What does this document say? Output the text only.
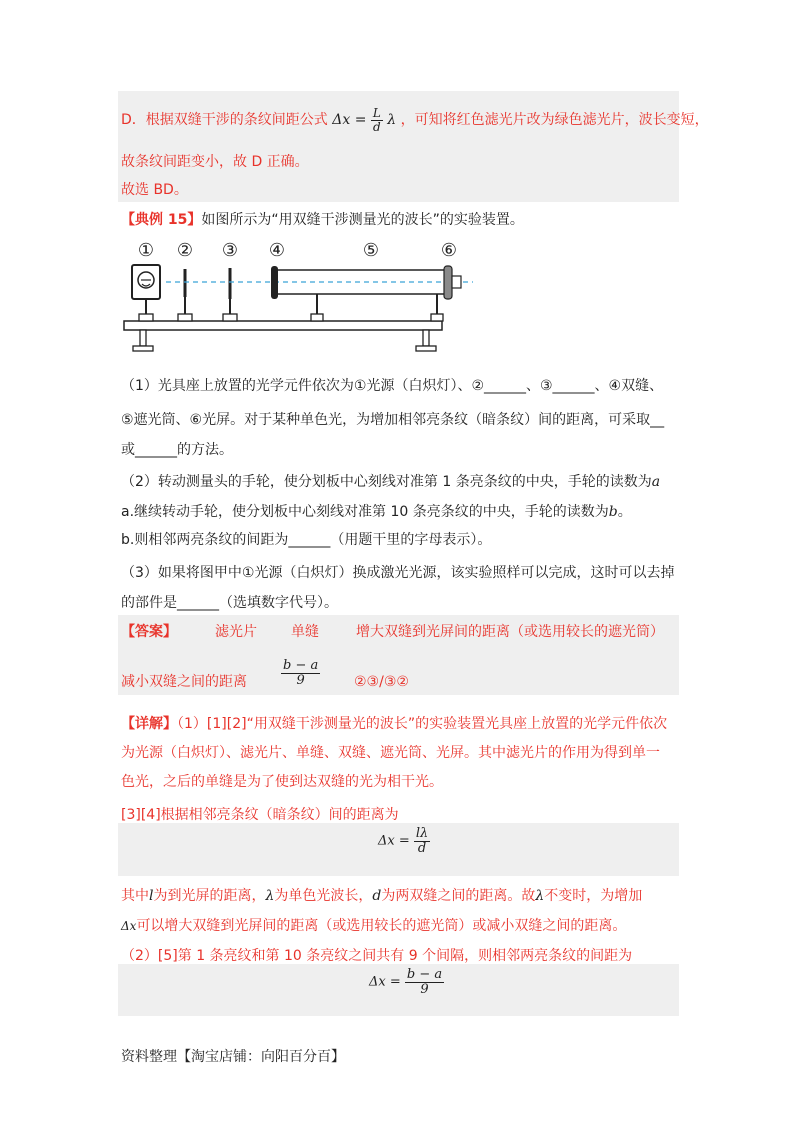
D．根据双缝干涉的条纹间距公式 $\Delta x = \frac{L}{d}$ λ ，可知将红色滤光片改为绿色滤光片，波长变短，
故条纹间距变小，故 D 正确。
故选 BD。
【典例 15】如图所示为“用双缝干涉测量光的波长”的实验装置。
① ② ③ ④	⑤	⑥
（1）光具座上放置的光学元件依次为①光源（白炽灯）、②______、③______、④双缝、
⑤遮光筒、⑥光屏。对于某种单色光，为增加相邻亮条纹（暗条纹）间的距离，可采取__
或______的方法。
（2）转动测量头的手轮，使分划板中心刻线对准第 1 条亮条纹的中央，手轮的读数为a
a.继续转动手轮，使分划板中心刻线对准第 10 条亮条纹的中央，手轮的读数为b。
b.则相邻两亮条纹的间距为______（用题干里的字母表示）。
（3）如果将图甲中①光源（白炽灯）换成激光光源，该实验照样可以完成，这时可以去掉
的部件是______（选填数字代号）。
【答案】	滤光片 单缝	增大双缝到光屏间的距离（或选用较长的遮光筒）
减小双缝之间的距离	$\frac{b - a}{9}$ ②③/③②
【详解】（1）[1][2]“用双缝干涉测量光的波长”的实验装置光具座上放置的光学元件依次
为光源（白炽灯）、滤光片、单缝、双缝、遮光筒、光屏。其中滤光片的作用为得到单一
色光，之后的单缝是为了使到达双缝的光为相干光。
[3][4]根据相邻亮条纹（暗条纹）间的距离为
$\Delta x = \frac{l\lambda}{d}$
其中l为到光屏的距离，λ为单色光波长，d为两双缝之间的距离。故λ不变时，为增加
Δx可以增大双缝到光屏间的距离（或选用较长的遮光筒）或减小双缝之间的距离。
（2）[5]第 1 条亮纹和第 10 条亮纹之间共有 9 个间隔，则相邻两亮条纹的间距为
$\Delta x = \frac{b - a}{9}$
资料整理【淘宝店铺：向阳百分百】
